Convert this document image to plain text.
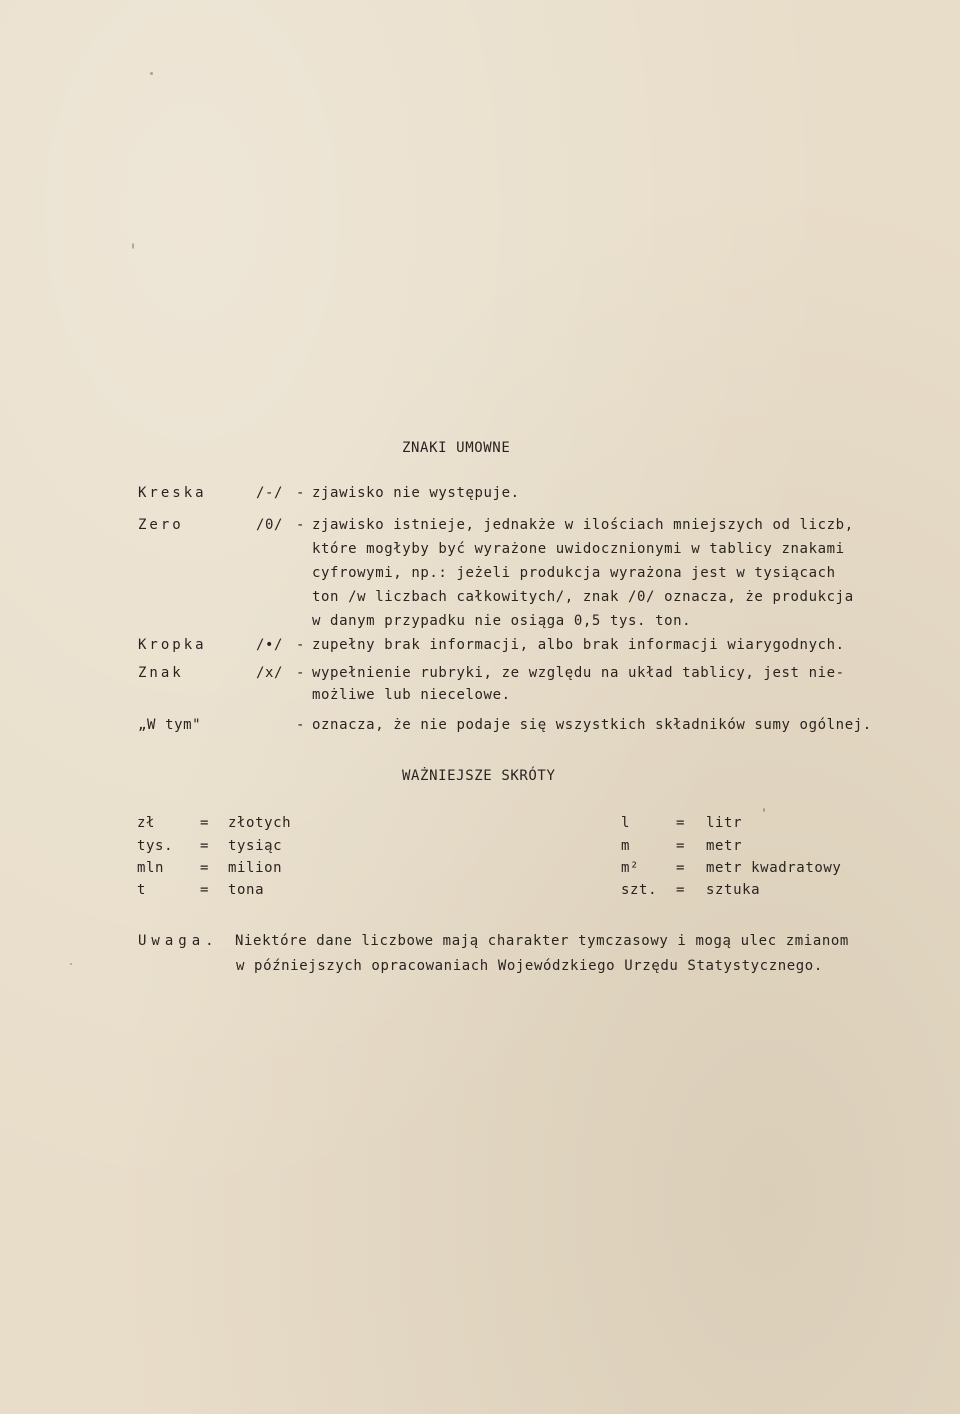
ZNAKI UMOWNE
Kreska	/-/ - zjawisko nie występuje.
Zero	/0/ - zjawisko istnieje, jednakże w ilościach mniejszych od liczb,
które mogłyby być wyrażone uwidocznionymi w tablicy znakami
cyfrowymi, np.: jeżeli produkcja wyrażona jest w tysiącach
ton /w liczbach całkowitych/, znak /0/ oznacza, że produkcja
w danym przypadku nie osiąga 0,5 tys. ton.
Kropka	/•/ - zupełny brak informacji, albo brak informacji wiarygodnych.
Znak	/x/ - wypełnienie rubryki, ze względu na układ tablicy, jest nie-
możliwe lub niecelowe.
„W tym"	- oznacza, że nie podaje się wszystkich składników sumy ogólnej.
WAŻNIEJSZE SKRÓTY
zł	= złotych
tys. = tysiąc
mln	= milion
t	= tona
l	= litr
m	= metr
m²	= metr kwadratowy
szt. = sztuka
Uwaga. Niektóre dane liczbowe mają charakter tymczasowy i mogą ulec zmianom
w późniejszych opracowaniach Wojewódzkiego Urzędu Statystycznego.
